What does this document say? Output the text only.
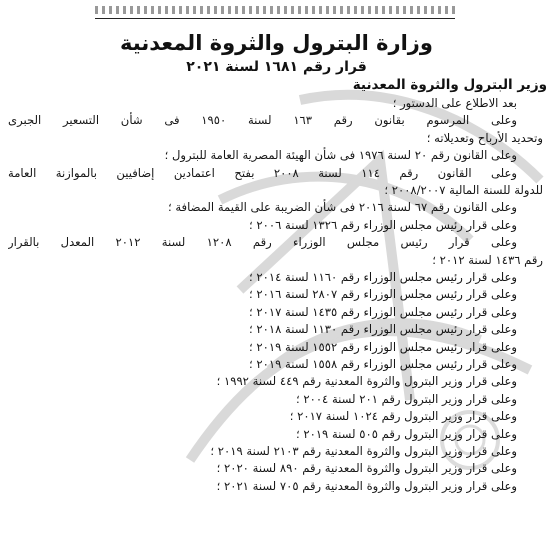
وزارة البترول والثروة المعدنية
قرار رقم ١٦٨١ لسنة ٢٠٢١
وزير البترول والثروة المعدنية
بعد الاطلاع على الدستور ؛
وعلى المرسوم بقانون رقم ١٦٣ لسنة ١٩٥٠ فى شأن التسعير الجبرى
وتحديد الأرباح وتعديلاته ؛
وعلى القانون رقم ٢٠ لسنة ١٩٧٦ فى شأن الهيئة المصرية العامة للبترول ؛
وعلى القانون رقم ١١٤ لسنة ٢٠٠٨ بفتح اعتمادين إضافيين بالموازنة العامة
للدولة للسنة المالية ٢٠٠٨/٢٠٠٧ ؛
وعلى القانون رقم ٦٧ لسنة ٢٠١٦ فى شأن الضريبة على القيمة المضافة ؛
وعلى قرار رئيس مجلس الوزراء رقم ١٣٢٦ لسنة ٢٠٠٦ ؛
وعلى قرار رئيس مجلس الوزراء رقم ١٢٠٨ لسنة ٢٠١٢ المعدل بالقرار
رقم ١٤٣٦ لسنة ٢٠١٢ ؛
وعلى قرار رئيس مجلس الوزراء رقم ١١٦٠ لسنة ٢٠١٤ ؛
وعلى قرار رئيس مجلس الوزراء رقم ٢٨٠٧ لسنة ٢٠١٦ ؛
وعلى قرار رئيس مجلس الوزراء رقم ١٤٣٥ لسنة ٢٠١٧ ؛
وعلى قرار رئيس مجلس الوزراء رقم ١١٣٠ لسنة ٢٠١٨ ؛
وعلى قرار رئيس مجلس الوزراء رقم ١٥٥٢ لسنة ٢٠١٩ ؛
وعلى قرار رئيس مجلس الوزراء رقم ١٥٥٨ لسنة ٢٠١٩ ؛
وعلى قرار وزير البترول والثروة المعدنية رقم ٤٤٩ لسنة ١٩٩٢ ؛
وعلى قرار وزير البترول رقم ٢٠١ لسنة ٢٠٠٤ ؛
وعلى قرار وزير البترول رقم ١٠٢٤ لسنة ٢٠١٧ ؛
وعلى قرار وزير البترول رقم ٥٠٥ لسنة ٢٠١٩ ؛
وعلى قرار وزير البترول والثروة المعدنية رقم ٢١٠٣ لسنة ٢٠١٩ ؛
وعلى قرار وزير البترول والثروة المعدنية رقم ٨٩٠ لسنة ٢٠٢٠ ؛
وعلى قرار وزير البترول والثروة المعدنية رقم ٧٠٥ لسنة ٢٠٢١ ؛
